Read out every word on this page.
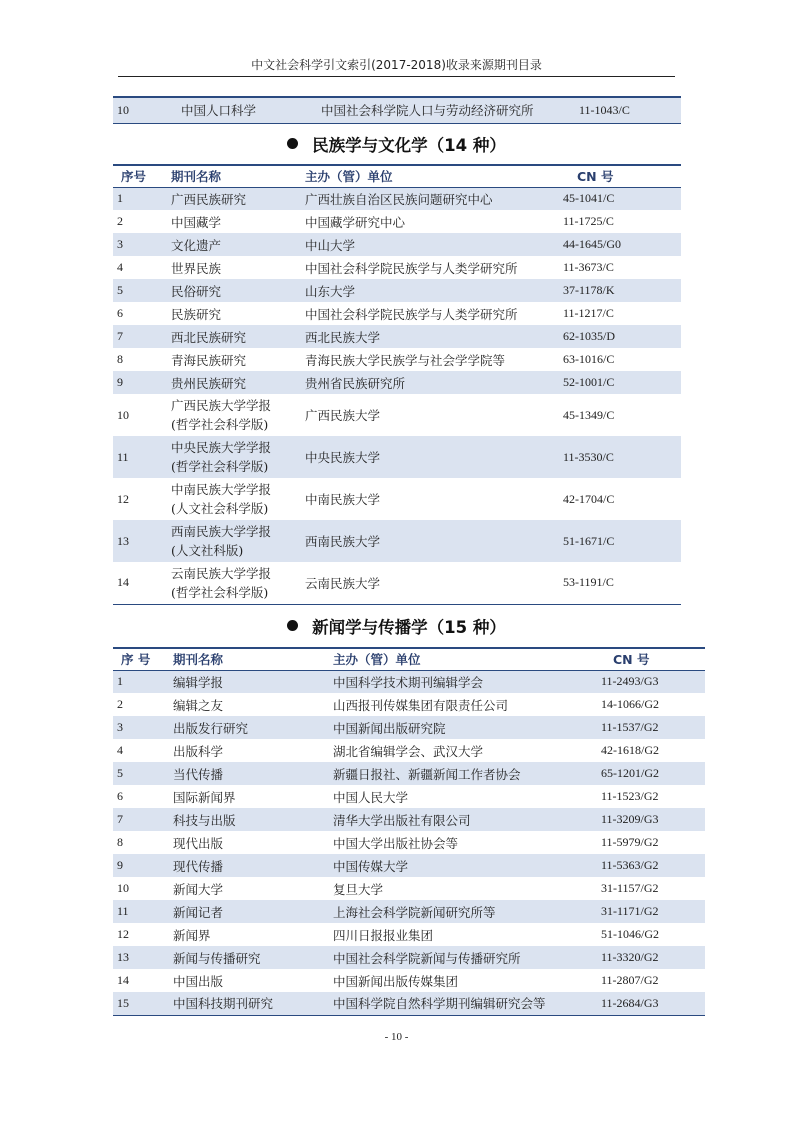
中文社会科学引文索引(2017-2018)收录来源期刊目录
10	中国人口科学	中国社会科学院人口与劳动经济研究所	11-1043/C
民族学与文化学（14 种）
序号	期刊名称	主办（管）单位	CN 号
1	广西民族研究	广西壮族自治区民族问题研究中心	45-1041/C
2	中国藏学	中国藏学研究中心	11-1725/C
3	文化遗产	中山大学	44-1645/G0
4	世界民族	中国社会科学院民族学与人类学研究所	11-3673/C
5	民俗研究	山东大学	37-1178/K
6	民族研究	中国社会科学院民族学与人类学研究所	11-1217/C
7	西北民族研究	西北民族大学	62-1035/D
8	青海民族研究	青海民族大学民族学与社会学学院等	63-1016/C
9	贵州民族研究	贵州省民族研究所	52-1001/C
10	广西民族大学学报
(哲学社会科学版)	广西民族大学	45-1349/C
11	中央民族大学学报
(哲学社会科学版)	中央民族大学	11-3530/C
12	中南民族大学学报
(人文社会科学版)	中南民族大学	42-1704/C
13	西南民族大学学报
(人文社科版)	西南民族大学	51-1671/C
14	云南民族大学学报
(哲学社会科学版)	云南民族大学	53-1191/C
新闻学与传播学（15 种）
序 号	期刊名称	主办（管）单位	CN 号
1	编辑学报	中国科学技术期刊编辑学会	11-2493/G3
2	编辑之友	山西报刊传媒集团有限责任公司	14-1066/G2
3	出版发行研究	中国新闻出版研究院	11-1537/G2
4	出版科学	湖北省编辑学会、武汉大学	42-1618/G2
5	当代传播	新疆日报社、新疆新闻工作者协会	65-1201/G2
6	国际新闻界	中国人民大学	11-1523/G2
7	科技与出版	清华大学出版社有限公司	11-3209/G3
8	现代出版	中国大学出版社协会等	11-5979/G2
9	现代传播	中国传媒大学	11-5363/G2
10	新闻大学	复旦大学	31-1157/G2
11	新闻记者	上海社会科学院新闻研究所等	31-1171/G2
12	新闻界	四川日报报业集团	51-1046/G2
13	新闻与传播研究	中国社会科学院新闻与传播研究所	11-3320/G2
14	中国出版	中国新闻出版传媒集团	11-2807/G2
15	中国科技期刊研究	中国科学院自然科学期刊编辑研究会等	11-2684/G3
- 10 -
